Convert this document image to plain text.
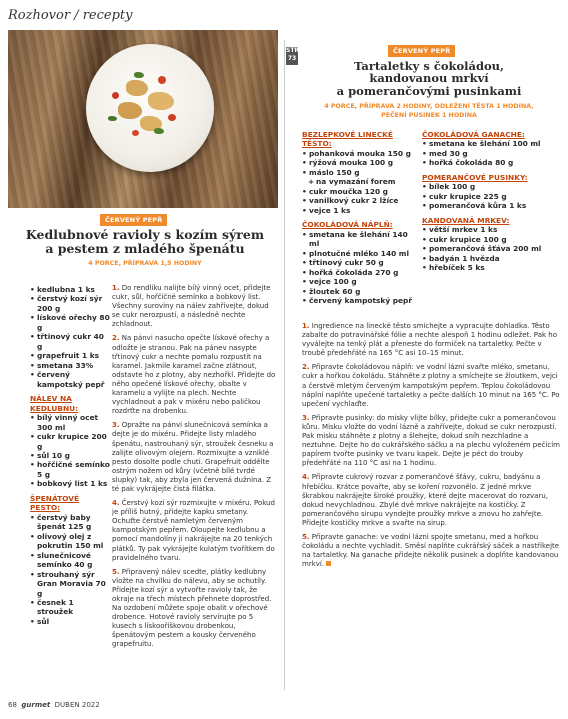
Rozhovor / recepty
ČERVENÝ PEPŘ
Kedlubnové ravioly s kozím sýrem
a pestem z mladého špenátu
4 PORCE, PŘÍPRAVA 1,5 HODINY
• kedlubna 1 ks
• čerstvý kozí sýr 200 g
• lískové ořechy 80 g
• třtinový cukr 40 g
• grapefruit 1 ks
• smetana 33%
• červený kampotský pepř
NÁLEV NA KEDLUBNU:
• bílý vinný ocet 300 ml
• cukr krupice 200 g
• sůl 10 g
• hořčičné semínko 5 g
• bobkový list 1 ks
ŠPENÁTOVÉ PESTO:
• čerstvý baby špenát 125 g
• olivový olej z pokrutin 150 ml
• slunečnicové semínko 40 g
• strouhaný sýr Gran Moravia 70 g
• česnek 1 stroužek
• sůl

1. Do rendlíku nalijte bílý vinný ocet, přidejte cukr, sůl, hořčičné semínko a bobkový list. Všechny suroviny na nálev zahřívejte, dokud se cukr nerozpustí, a následně nechte zchladnout.

2. Na pánvi nasucho opečte lískové ořechy a odložte je stranou. Pak na pánev nasypte třtinový cukr a nechte pomalu rozpustit na karamel. Jakmile karamel začne zlátnout, odstavte ho z plotny, aby nezhořkl. Přidejte do něho opečené lískové ořechy, obalte v karamelu a vylijte na plech. Nechte vychladnout a pak v mixéru nebo paličkou rozdrťte na drobenku.

3. Opražte na pánvi slunečnicová semínka a dejte je do mixéru. Přidejte listy mladého špenátu, nastrouhaný sýr, stroužek česneku a zalijte olivovým olejem. Rozmixujte a vzniklé pesto dosolte podle chuti. Grapefruit oddělte ostrým nožem od kůry (včetně bílé tvrdé slupky) tak, aby zbyla jen červená dužnina. Z té pak vykrájejte čistá filátka.

4. Čerstvý kozí sýr rozmixujte v mixéru. Pokud je příliš hutný, přidejte kapku smetany. Ochuťte čerstvě namletým červeným kampotským pepřem. Oloupejte kedlubnu a pomocí mandolíny ji nakrájejte na 20 tenkých plátků. Ty pak vykrájejte kulatým tvořítkem do pravidelného tvaru.

5. Připravený nálev scedte, plátky kedlubny vložte na chvilku do nálevu, aby se ochutily. Přidejte kozí sýr a vytvořte ravioly tak, že okraje na třech místech přehnete doprostřed. Na ozdobení můžete spoje obalit v ořechové drobence. Hotové ravioly servírujte po 5 kusech s lískooříškovou drobenkou, špenátovým pestem a kousky červeného grapefruitu.

STR
73
ČERVENÝ PEPŘ
Tartaletky s čokoládou,
kandovanou mrkví
a pomerančovými pusinkami
4 PORCE, PŘÍPRAVA 2 HODINY, ODLEŽENÍ TĚSTA 1 HODINA,
PEČENÍ PUSINEK 1 HODINA
BEZLEPKOVÉ LINECKÉ TĚSTO:
• pohanková mouka 150 g
• rýžová mouka 100 g
• máslo 150 g
+ na vymazání forem
• cukr moučka 120 g
• vanilkový cukr 2 lžíce
• vejce 1 ks
ČOKOLÁDOVÁ NÁPLŇ:
• smetana ke šlehání 140 ml
• plnotučné mléko 140 ml
• třtinový cukr 50 g
• hořká čokoláda 270 g
• vejce 100 g
• žloutek 60 g
• červený kampotský pepř
ČOKOLÁDOVÁ GANACHE:
• smetana ke šlehání 100 ml
• med 30 g
• hořká čokoláda 80 g
POMERANČOVÉ PUSINKY:
• bílek 100 g
• cukr krupice 225 g
• pomerančová kůra 1 ks
KANDOVANÁ MRKEV:
• větší mrkev 1 ks
• cukr krupice 100 g
• pomerančová šťáva 200 ml
• badyán 1 hvězda
• hřebíček 5 ks

1. Ingredience na linecké těsto smíchejte a vypracujte dohladka. Těsto zabalte do potravinářské fólie a nechte alespoň 1 hodinu odležet. Pak ho vyválejte na tenký plát a přeneste do formiček na tartaletky. Pečte v troubě předehřáté na 165 °C asi 10–15 minut.

2. Připravte čokoládovou náplň: ve vodní lázni svařte mléko, smetanu, cukr a hořkou čokoládu. Stáhněte z plotny a smíchejte se žloutkem, vejci a čerstvě mletým červeným kampotským pepřem. Teplou čokoládovou náplní naplňte upečené tartaletky a pečte dalších 10 minut na 165 °C. Po upečení vychlaďte.

3. Připravte pusinky: do misky vlijte bílky, přidejte cukr a pomerančovou kůru. Misku vložte do vodní lázně a zahřívejte, dokud se cukr nerozpustí. Pak misku stáhněte z plotny a šlehejte, dokud sníh nezchladne a neztuhne. Dejte ho do cukrářského sáčku a na plechu vyloženém pečicím papírem tvořte pusinky ve tvaru kapek. Dejte je péct do trouby předehřáté na 110 °C asi na 1 hodinu.

4. Připravte cukrový rozvar z pomerančové šťávy, cukru, badyánu a hřebíčku. Krátce povařte, aby se koření rozvonělo. Z jedné mrkve škrabkou nakrájejte široké proužky, které dejte macerovat do rozvaru, dokud nevychladnou. Zbylé dvě mrkve nakrájejte na kostičky. Z pomerančového sirupu vyndejte proužky mrkve a znovu ho zahřejte. Přidejte kostičky mrkve a svařte na sirup.

5. Připravte ganache: ve vodní lázni spojte smetanu, med a hořkou čokoládu a nechte vychladit. Směsí naplňte cukrářský sáček a nastříkejte na tartaletky. Na ganache přidejte několik pusinek a doplňte kandovanou mrkví.

68 gurmet DUBEN 2022
